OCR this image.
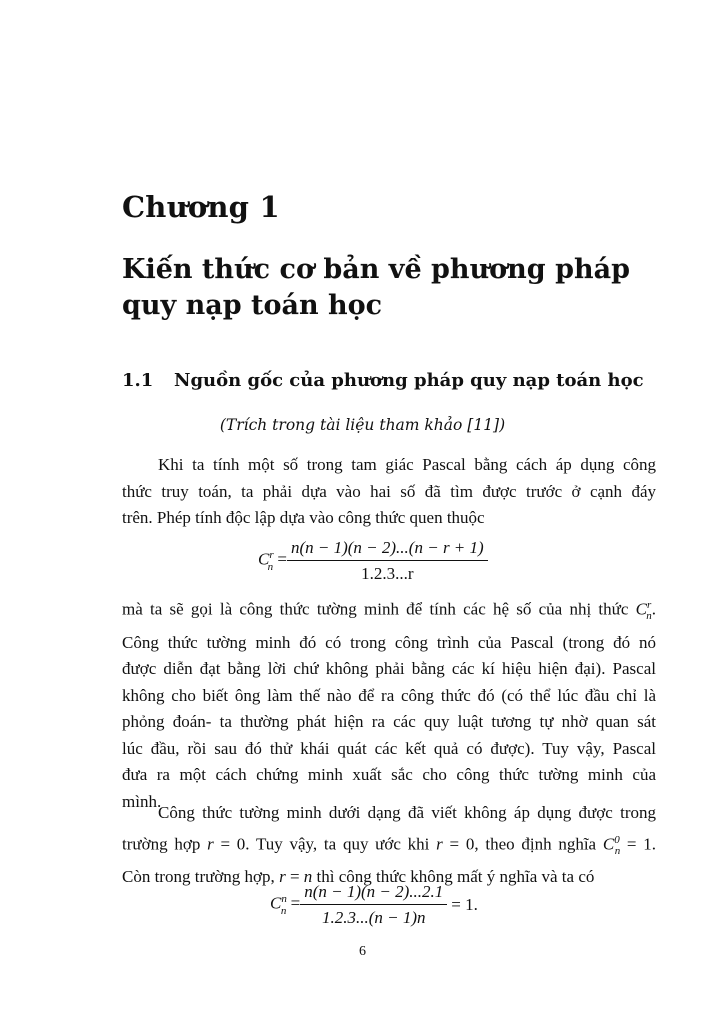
Chương 1
Kiến thức cơ bản về phương pháp
quy nạp toán học
1.1 Nguồn gốc của phương pháp quy nạp toán học
(Trích trong tài liệu tham khảo [11])
Khi ta tính một số trong tam giác Pascal bằng cách áp dụng công
thức truy toán, ta phải dựa vào hai số đã tìm được trước ở cạnh đáy
trên. Phép tính độc lập dựa vào công thức quen thuộc
$C^r_n = \frac{n(n - 1)(n - 2)...(n - r + 1)}{1.2.3...r}$
mà ta sẽ gọi là công thức tường minh để tính các hệ số của nhị thức $C^r_n$.
Công thức tường minh đó có trong công trình của Pascal (trong đó nó
được diễn đạt bằng lời chứ không phải bằng các kí hiệu hiện đại). Pascal
không cho biết ông làm thế nào để ra công thức đó (có thể lúc đầu chỉ là
phỏng đoán- ta thường phát hiện ra các quy luật tương tự nhờ quan sát
lúc đầu, rồi sau đó thử khái quát các kết quả có được). Tuy vậy, Pascal
đưa ra một cách chứng minh xuất sắc cho công thức tường minh của
mình.
Công thức tường minh dưới dạng đã viết không áp dụng được trong
trường hợp r = 0. Tuy vậy, ta quy ước khi r = 0, theo định nghĩa $C^0_n = 1$.
Còn trong trường hợp, r = n thì công thức không mất ý nghĩa và ta có
$C^n_n = \frac{n(n - 1)(n - 2)...2.1}{1.2.3...(n - 1)n} = 1$.
6
